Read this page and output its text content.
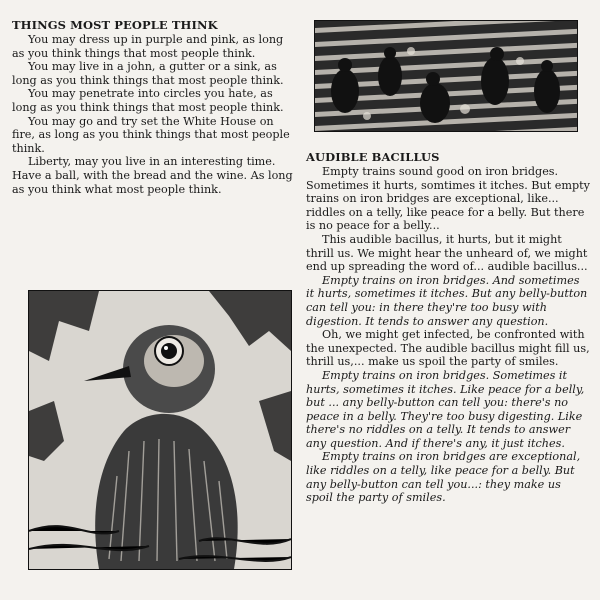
THINGS MOST PEOPLE THINK

You may dress up in purple and pink, as long as you think things that most people think.

You may live in a john, a gutter or a sink, as long as you think things that most people think.

You may penetrate into circles you hate, as long as you think things that most people think.

You may go and try set the White House on fire, as long as you think things that most people think.

Liberty, may you live in an interesting time. Have a ball, with the bread and the wine. As long as you think what most people think.

AUDIBLE BACILLUS

Empty trains sound good on iron bridges. Sometimes it hurts, somtimes it itches. But empty trains on iron bridges are exceptional, like... riddles on a telly, like peace for a belly. But there is no peace for a belly...

This audible bacillus, it hurts, but it might thrill us. We might hear the unheard of, we might end up spreading the word of... audible bacillus...

Empty trains on iron bridges. And sometimes it hurts, sometimes it itches. But any belly-button can tell you: in there they're too busy with digestion. It tends to answer any question.

Oh, we might get infected, be confronted with the unexpected. The audible bacillus might fill us, thrill us,... make us spoil the party of smiles.

Empty trains on iron bridges. Sometimes it hurts, sometimes it itches. Like peace for a belly, but ... any belly-button can tell you: there's no peace in a belly. They're too busy digesting. Like there's no riddles on a telly. It tends to answer any question. And if there's any, it just itches.

Empty trains on iron bridges are exceptional, like riddles on a telly, like peace for a belly. But any belly-button can tell you...: they make us spoil the party of smiles.
